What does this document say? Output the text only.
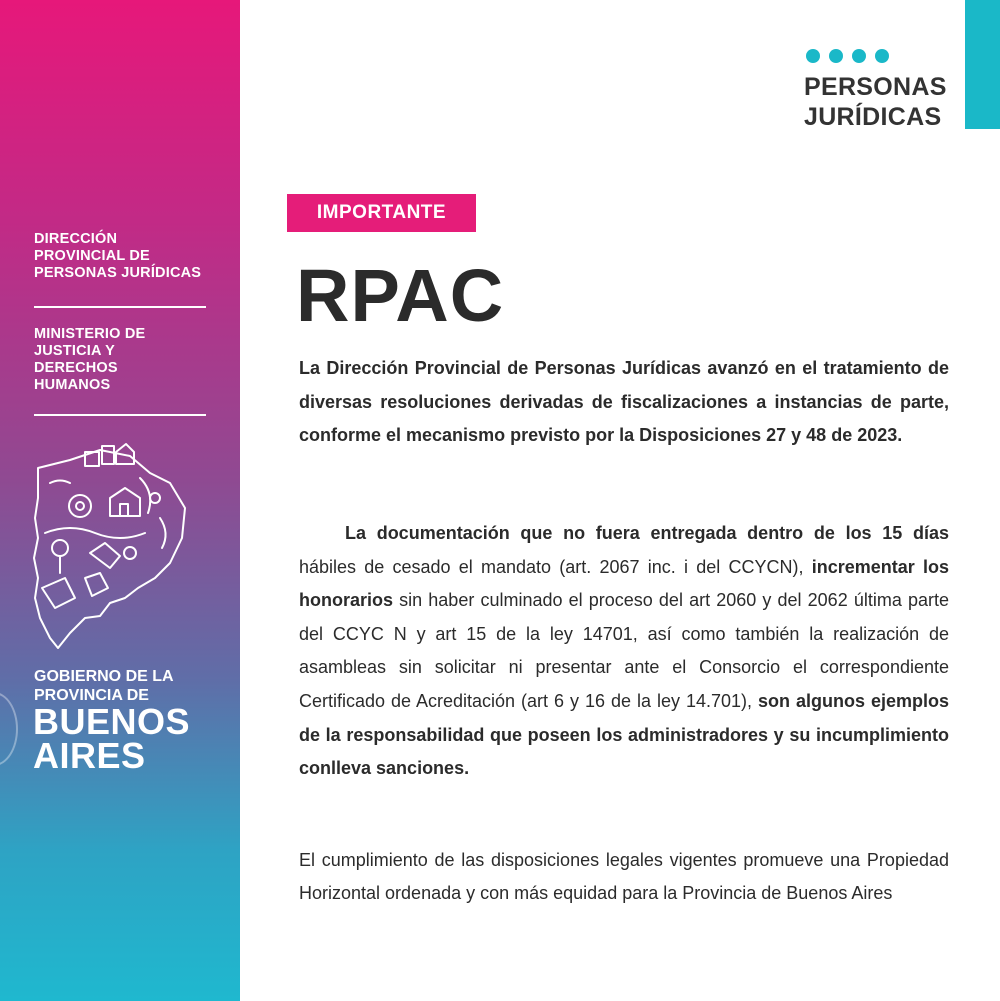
DIRECCIÓN
PROVINCIAL DE
PERSONAS JURÍDICAS
MINISTERIO DE
JUSTICIA Y
DERECHOS
HUMANOS
GOBIERNO DE LA
PROVINCIA DE
BUENOS
AIRES
PERSONAS
JURÍDICAS
IMPORTANTE
RPAC

La Dirección Provincial de Personas Jurídicas avanzó en el tratamiento de diversas resoluciones derivadas de fiscalizaciones a instancias de parte, conforme el mecanismo previsto por la Disposiciones 27 y 48 de 2023.

La documentación que no fuera entregada dentro de los 15 días hábiles de cesado el mandato (art. 2067 inc. i del CCYCN), incrementar los honorarios sin haber culminado el proceso del art 2060 y del 2062 última parte del CCYC N y art 15 de la ley 14701, así como también la realización de asambleas sin solicitar ni presentar ante el Consorcio el correspondiente Certificado de Acreditación (art 6 y 16 de la ley 14.701), son algunos ejemplos de la responsabilidad que poseen los administradores y su incumplimiento conlleva sanciones.

El cumplimiento de las disposiciones legales vigentes promueve una Propiedad Horizontal ordenada y con más equidad para la Provincia de Buenos Aires
